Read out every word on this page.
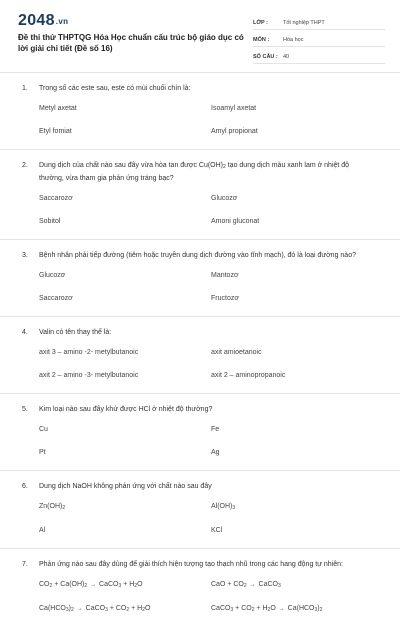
2048.vn
Đề thi thử THPTQG Hóa Học chuẩn cấu trúc bộ giáo dục có lời giải chi tiết (Đề số 16)
LỚP :	Tốt nghiệp THPT
MÔN :	Hóa học
SỐ CÂU : 40
1.	Trong số các este sau, este có mùi chuối chín là:
Metyl axetat	Isoamyl axetat
Etyl fomiat	Amyl propionat
2.	Dung dịch của chất nào sau đây vừa hòa tan được $Cu(OH)_2$ tạo dung dịch màu xanh lam ở nhiệt độ thường, vừa tham gia phản ứng tráng bạc?
Saccarozơ	Glucozơ
Sobitol	Amoni gluconat
3.	Bệnh nhân phải tiếp đường (tiêm hoặc truyền dung dịch đường vào tĩnh mạch), đó là loại đường nào?
Glucozơ	Mantozơ
Saccarozơ	Fructozơ
4.	Valin có tên thay thế là:
axit 3 – amino -2- metylbutanoic	axit amioetanoic
axit 2 – amino -3- metylbutanoic	axit 2 – aminopropanoic
5.	Kim loại nào sau đây khử được HCl ở nhiệt độ thường?
Cu	Fe
Pt	Ag
6.	Dung dịch NaOH không phản ứng với chất nào sau đây
$Zn(OH)_2$	$Al(OH)_3$
Al	KCl
7.	Phản ứng nào sau đây dùng để giải thích hiện tượng tạo thạch nhũ trong các hang động tự nhiên:
$CO_2 + Ca(OH)_2$ → CaCO$_3$ + $H_2O$	CaO + $CO_2$ → CaCO$_3$
$Ca(HCO_3)_2$ → CaCO$_3$ + $CO_2 + H_2O$	CaCO$_3$ + $CO_2 + H_2O \to Ca(HCO_3)_2$
